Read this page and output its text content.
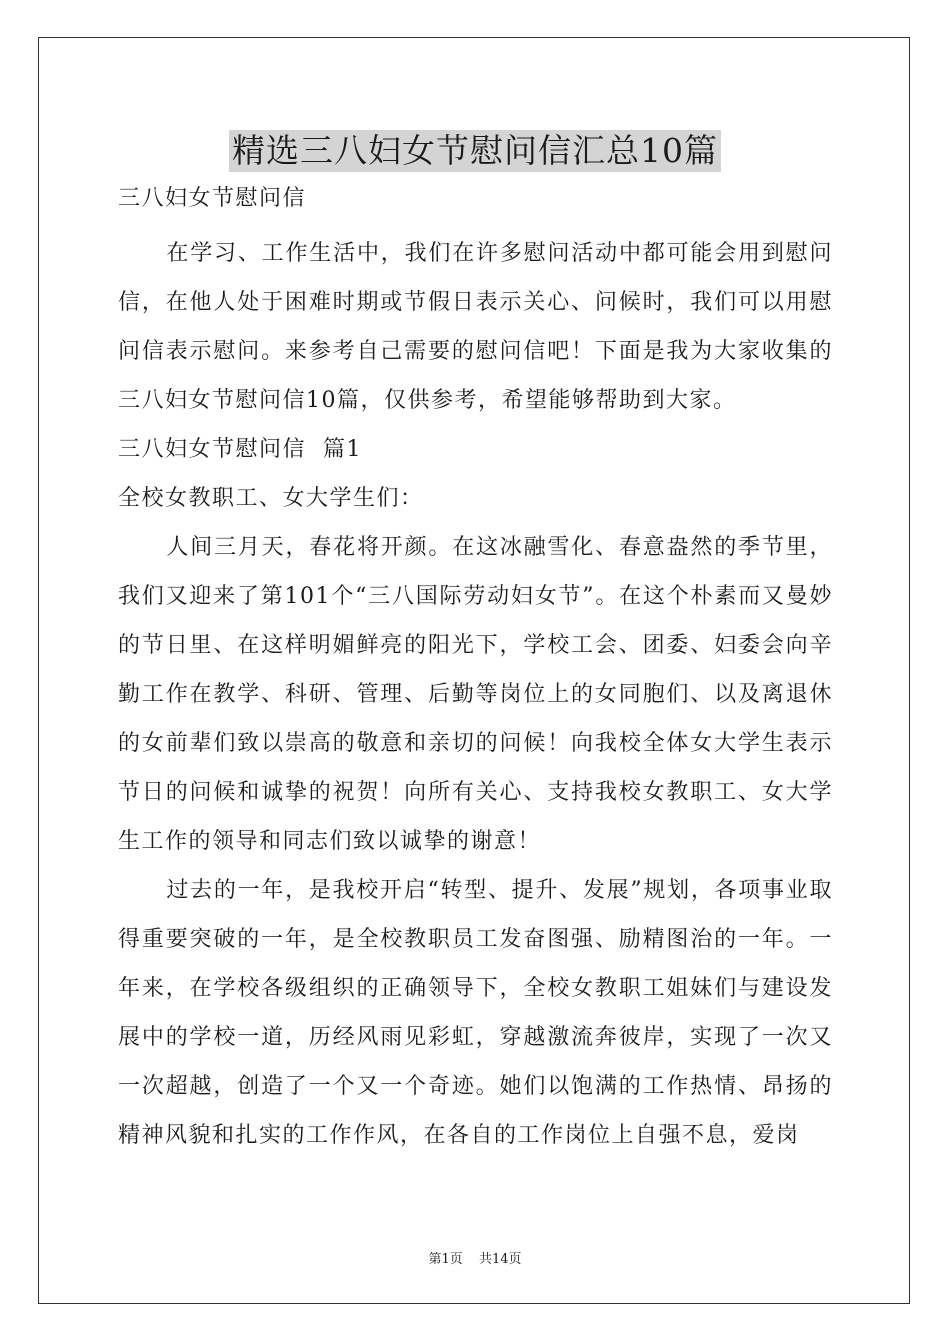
精选三八妇女节慰问信汇总10篇

三八妇女节慰问信

在学习、工作生活中，我们在许多慰问活动中都可能会用到慰问信，在他人处于困难时期或节假日表示关心、问候时，我们可以用慰问信表示慰问。来参考自己需要的慰问信吧！下面是我为大家收集的三八妇女节慰问信10篇，仅供参考，希望能够帮助到大家。

三八妇女节慰问信  篇1

全校女教职工、女大学生们：

人间三月天，春花将开颜。在这冰融雪化、春意盎然的季节里，我们又迎来了第101个“三八国际劳动妇女节”。在这个朴素而又曼妙的节日里、在这样明媚鲜亮的阳光下，学校工会、团委、妇委会向辛勤工作在教学、科研、管理、后勤等岗位上的女同胞们、以及离退休的女前辈们致以崇高的敬意和亲切的问候！向我校全体女大学生表示节日的问候和诚挚的祝贺！向所有关心、支持我校女教职工、女大学生工作的领导和同志们致以诚挚的谢意！

过去的一年，是我校开启“转型、提升、发展”规划，各项事业取得重要突破的一年，是全校教职员工发奋图强、励精图治的一年。一年来，在学校各级组织的正确领导下，全校女教职工姐妹们与建设发展中的学校一道，历经风雨见彩虹，穿越激流奔彼岸，实现了一次又一次超越，创造了一个又一个奇迹。她们以饱满的工作热情、昂扬的精神风貌和扎实的工作作风，在各自的工作岗位上自强不息，爱岗

第1页 共14页
